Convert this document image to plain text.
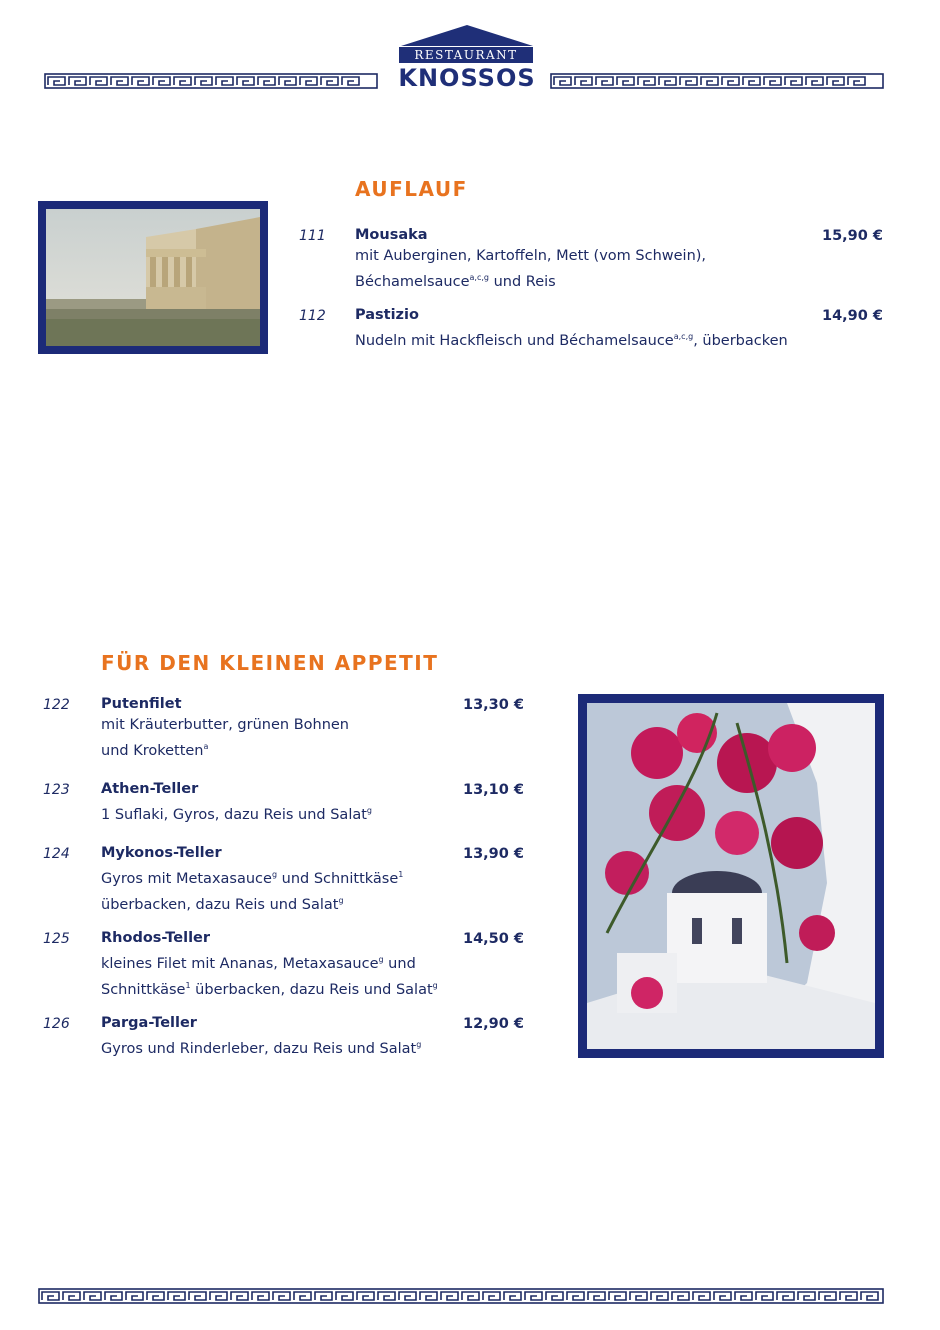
RESTAURANT
KNOSSOS
AUFLAUF
111 Mousaka
mit Auberginen, Kartoffeln, Mett (vom Schwein),
Béchamelsauce$^{a,c,g}$ und Reis
15,90 €
112 Pastizio
Nudeln mit Hackfleisch und Béchamelsauce$^{a,c,g}$, überbacken
14,90 €
FÜR DEN KLEINEN APPETIT
122 Putenfilet
mit Kräuterbutter, grünen Bohnen
und Kroketten$^a$
13,30 €
123 Athen-Teller
1 Suflaki, Gyros, dazu Reis und Salat$^g$
13,10 €
124 Mykonos-Teller
Gyros mit Metaxasauce$^g$ und Schnittkäse$^1$
überbacken, dazu Reis und Salat$^g$
13,90 €
125 Rhodos-Teller
kleines Filet mit Ananas, Metaxasauce$^g$ und
Schnittkäse$^1$ überbacken, dazu Reis und Salat$^g$
14,50 €
126 Parga-Teller
Gyros und Rinderleber, dazu Reis und Salat$^g$
12,90 €
